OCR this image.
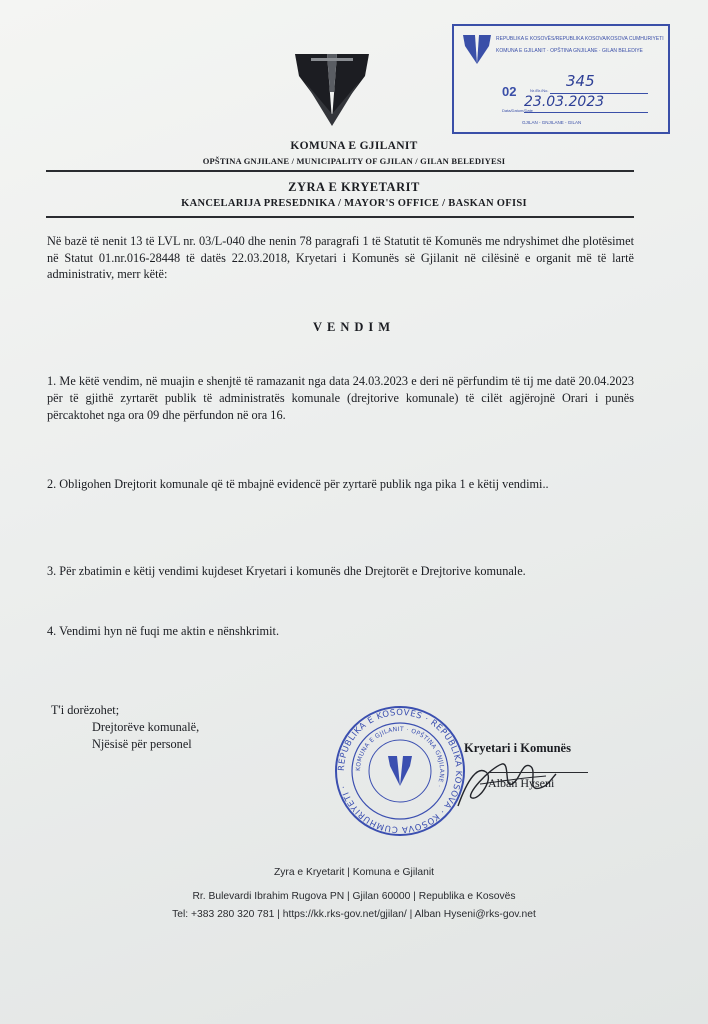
KOMUNA E GJILANIT
OPŠTINA GNJILANE / MUNICIPALITY OF GJILAN / GILAN BELEDIYESI
ZYRA E KRYETARIT
KANCELARIJA PRESEDNIKA / MAYOR'S OFFICE / BASKAN OFISI
REPUBLIKA E KOSOVËS/REPUBLIKA KOSOVA/KOSOVA CUMHURIYETI
KOMUNA E GJILANIT · OPŠTINA GNJILANE · GILAN BELEDIYE
02	Nr./Br./No.
345
Data/Datum/Date
23.03.2023
GJILAN - GNJILANE - GILAN
Në bazë të nenit 13 të LVL nr. 03/L-040 dhe nenin 78 paragrafi 1 të Statutit të Komunës me ndryshimet dhe plotësimet në Statut 01.nr.016-28448 të datës 22.03.2018, Kryetari i Komunës së Gjilanit në cilësinë e organit më të lartë administrativ, merr këtë:
VENDIM
1. Me këtë vendim, në muajin e shenjtë të ramazanit nga data 24.03.2023 e deri në përfundim të tij me datë 20.04.2023 për të gjithë zyrtarët publik të administratës komunale (drejtorive komunale) të cilët agjërojnë Orari i punës përcaktohet nga ora 09 dhe përfundon në ora 16.
2. Obligohen Drejtorit komunale që të mbajnë evidencë për zyrtarë publik nga pika 1 e këtij vendimi..
3. Për zbatimin e këtij vendimi kujdeset Kryetari i komunës dhe Drejtorët e Drejtorive komunale.
4. Vendimi hyn në fuqi me aktin e nënshkrimit.
T'i dorëzohet;
Drejtorëve komunalë,
Njësisë për personel
REPUBLIKA E KOSOVËS · REPUBLIKA KOSOVA · KOSOVA CUMHURIYETI ·
KOMUNA E GJILANIT · OPŠTINA GNJILANE ·
Kryetari i Komunës
Alban Hyseni
Zyra e Kryetarit | Komuna e Gjilanit
Rr. Bulevardi Ibrahim Rugova PN | Gjilan 60000 | Republika e Kosovës
Tel: +383 280 320 781 | https://kk.rks-gov.net/gjilan/ | Alban Hyseni@rks-gov.net
